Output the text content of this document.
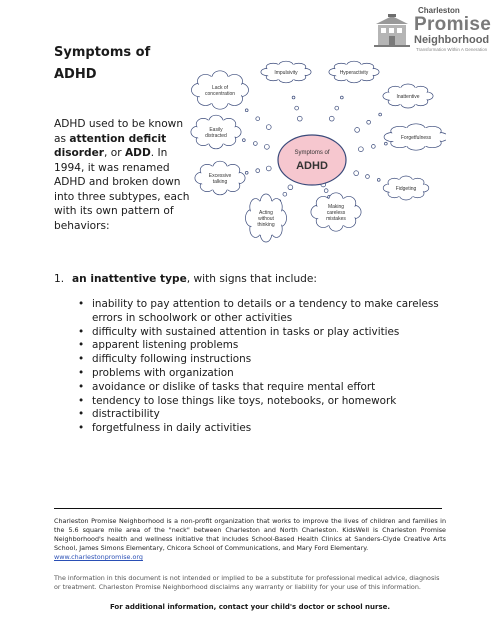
Charleston
Promise
Neighborhood
Transformation Within A Generation
Symptoms of
ADHD
ADHD used to be known as attention deficit disorder, or ADD. In 1994, it was renamed ADHD and broken down into three subtypes, each with its own pattern of behaviors:
Impulsivity	Hyperactivity
Lack of
concentration	Inattentive
Easily
distracted	Forgetfulness
Excessive
talking
Fidgeting
Acting
without
thinking
Making
careless
mistakes
Symptoms of
ADHD
1. an inattentive type, with signs that include:
• inability to pay attention to details or a tendency to make careless errors in schoolwork or other activities
• difficulty with sustained attention in tasks or play activities
• apparent listening problems
• difficulty following instructions
• problems with organization
• avoidance or dislike of tasks that require mental effort
• tendency to lose things like toys, notebooks, or homework
• distractibility
• forgetfulness in daily activities
Charleston Promise Neighborhood is a non-profit organization that works to improve the lives of children and families in the 5.6 square mile area of the "neck" between Charleston and North Charleston. KidsWell is Charleston Promise Neighborhood's health and wellness initiative that includes School-Based Health Clinics at Sanders-Clyde Creative Arts School, James Simons Elementary, Chicora School of Communications, and Mary Ford Elementary.
www.charlestonpromise.org
The information in this document is not intended or implied to be a substitute for professional medical advice, diagnosis or treatment. Charleston Promise Neighborhood disclaims any warranty or liability for your use of this information.
For additional information, contact your child's doctor or school nurse.
